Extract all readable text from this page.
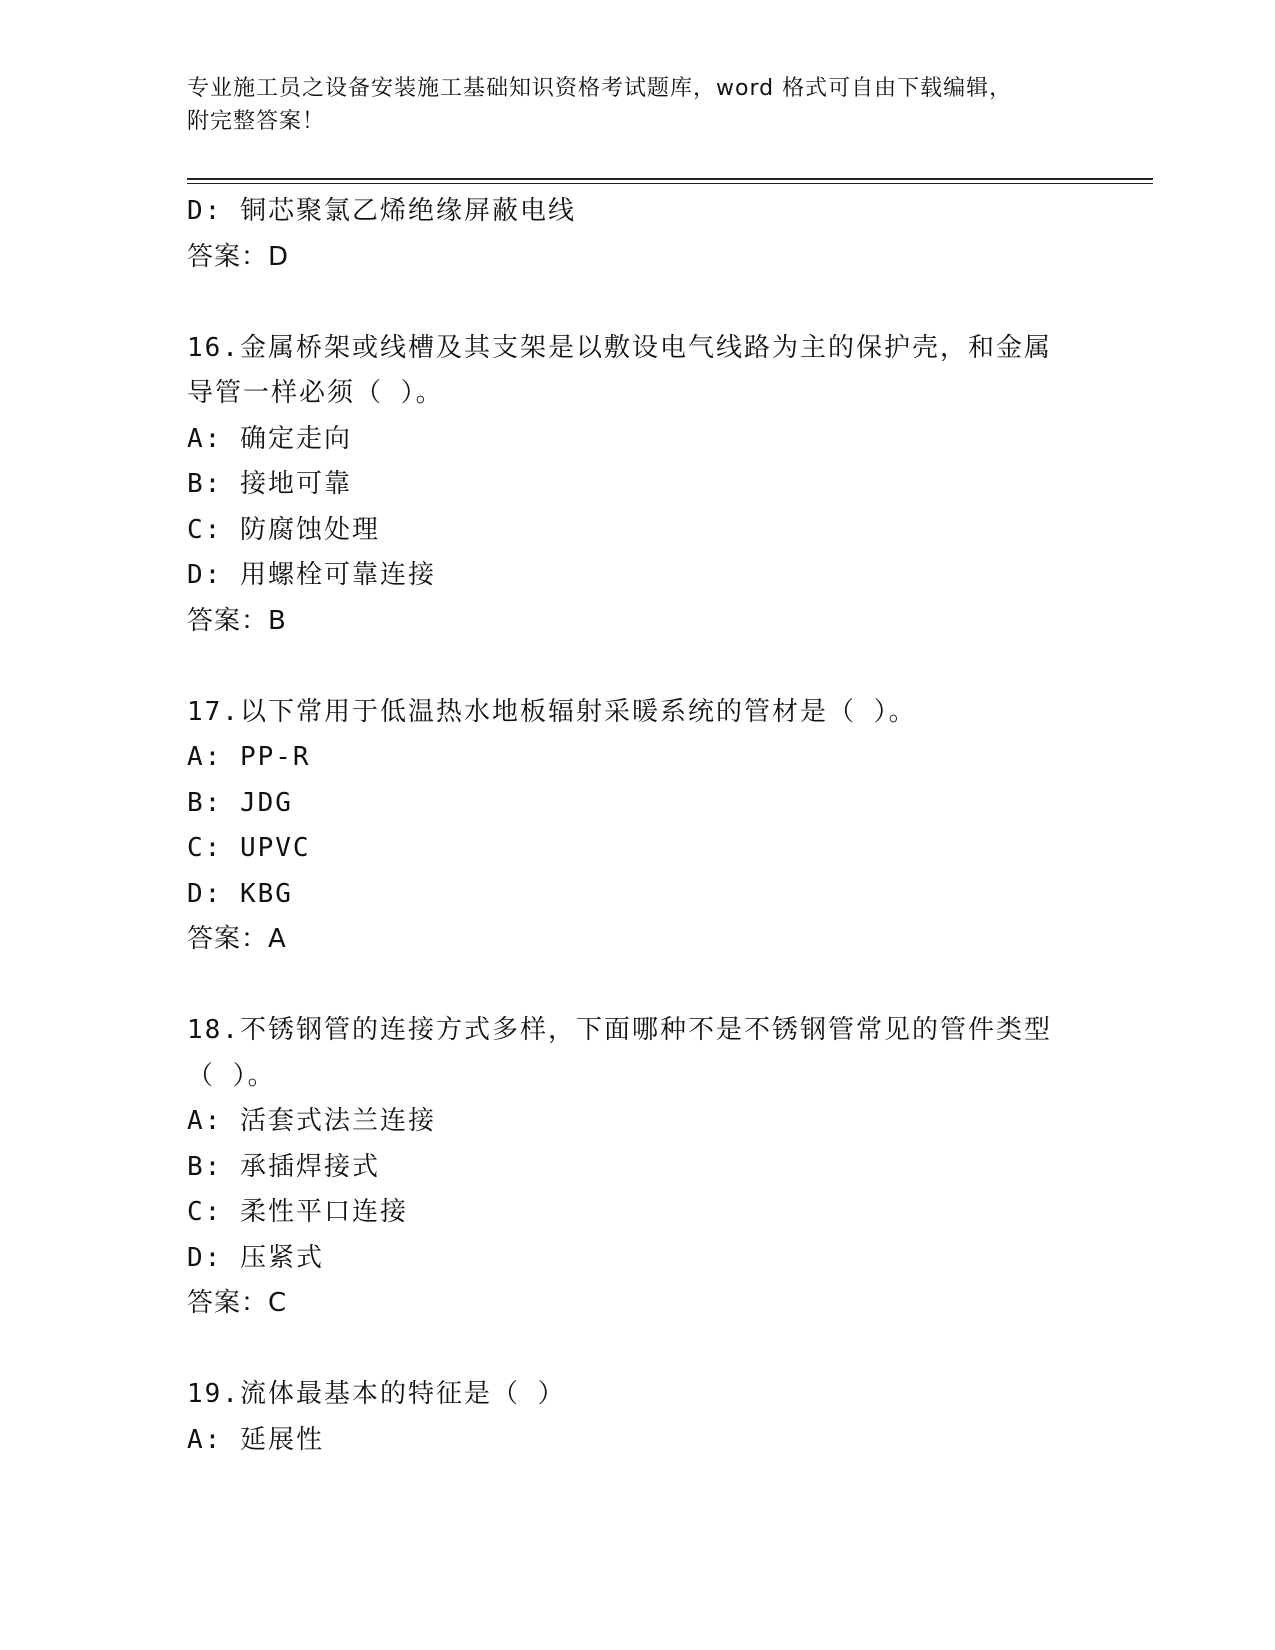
专业施工员之设备安装施工基础知识资格考试题库，word 格式可自由下载编辑，
附完整答案！
D: 铜芯聚氯乙烯绝缘屏蔽电线
答案：D
16.金属桥架或线槽及其支架是以敷设电气线路为主的保护壳，和金属
导管一样必须（ ）。
A: 确定走向
B: 接地可靠
C: 防腐蚀处理
D: 用螺栓可靠连接
答案：B
17.以下常用于低温热水地板辐射采暖系统的管材是（ ）。
A: PP-R
B: JDG
C: UPVC
D: KBG
答案：A
18.不锈钢管的连接方式多样，下面哪种不是不锈钢管常见的管件类型
（ ）。
A: 活套式法兰连接
B: 承插焊接式
C: 柔性平口连接
D: 压紧式
答案：C
19.流体最基本的特征是（ ）
A: 延展性
